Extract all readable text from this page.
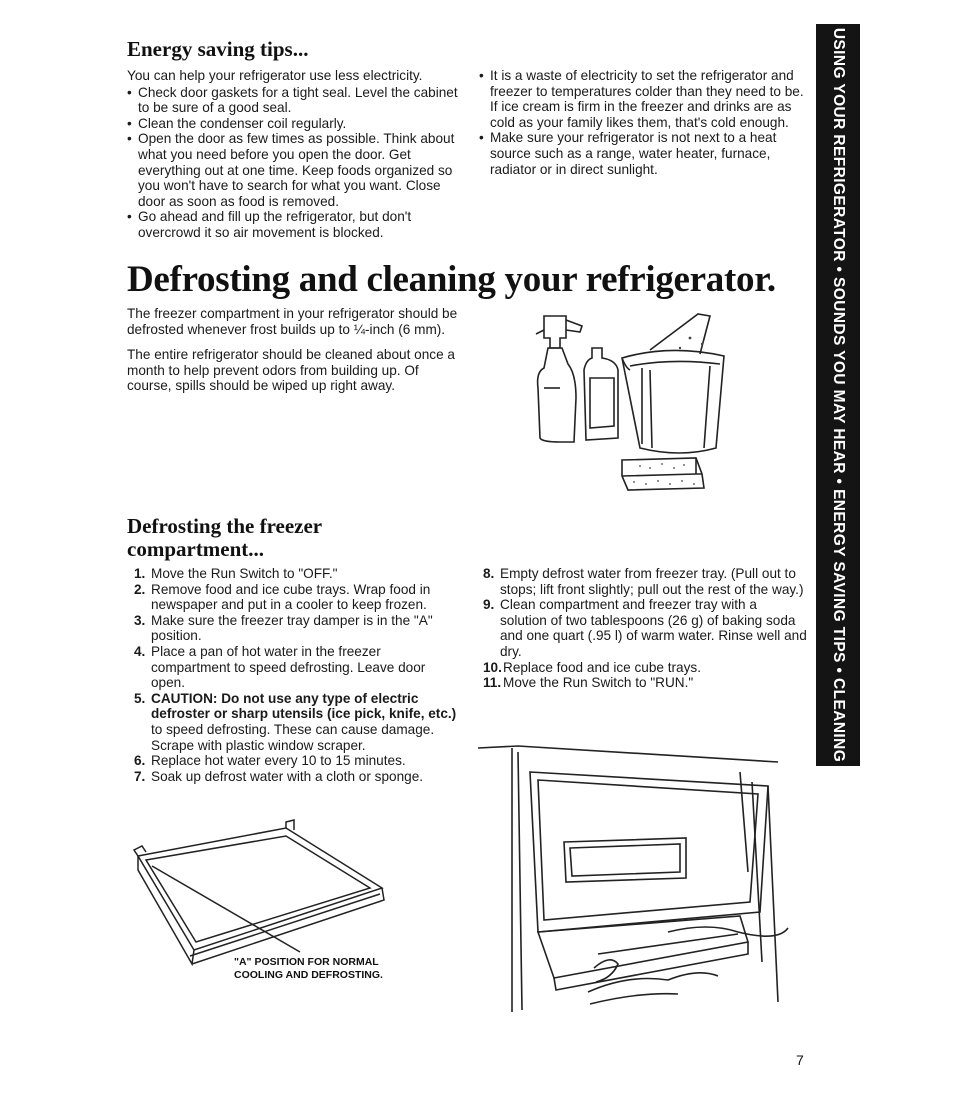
Energy saving tips...

You can help your refrigerator use less electricity.

• Check door gaskets for a tight seal. Level the cabinet to be sure of a good seal.
• Clean the condenser coil regularly.
• Open the door as few times as possible. Think about what you need before you open the door. Get everything out at one time. Keep foods organized so you won't have to search for what you want. Close door as soon as food is removed.
• Go ahead and fill up the refrigerator, but don't overcrowd it so air movement is blocked.
• It is a waste of electricity to set the refrigerator and freezer to temperatures colder than they need to be. If ice cream is firm in the freezer and drinks are as cold as your family likes them, that's cold enough.
• Make sure your refrigerator is not next to a heat source such as a range, water heater, furnace, radiator or in direct sunlight.
Defrosting and cleaning your refrigerator.

The freezer compartment in your refrigerator should be defrosted whenever frost builds up to ¼-inch (6 mm).

The entire refrigerator should be cleaned about once a month to help prevent odors from building up. Of course, spills should be wiped up right away.

Defrosting the freezer
compartment...
1. Move the Run Switch to "OFF."
2. Remove food and ice cube trays. Wrap food in newspaper and put in a cooler to keep frozen.
3. Make sure the freezer tray damper is in the "A" position.
4. Place a pan of hot water in the freezer compartment to speed defrosting. Leave door open.
5. CAUTION: Do not use any type of electric defroster or sharp utensils (ice pick, knife, etc.) to speed defrosting. These can cause damage. Scrape with plastic window scraper.
6. Replace hot water every 10 to 15 minutes.
7. Soak up defrost water with a cloth or sponge.
8. Empty defrost water from freezer tray. (Pull out to stops; lift front slightly; pull out the rest of the way.)
9. Clean compartment and freezer tray with a solution of two tablespoons (26 g) of baking soda and one quart (.95 l) of warm water. Rinse well and dry.
10. Replace food and ice cube trays.
11. Move the Run Switch to "RUN."
"A" POSITION FOR NORMAL
COOLING AND DEFROSTING.
USING YOUR REFRIGERATOR • SOUNDS YOU MAY HEAR • ENERGY SAVING TIPS • CLEANING
7
